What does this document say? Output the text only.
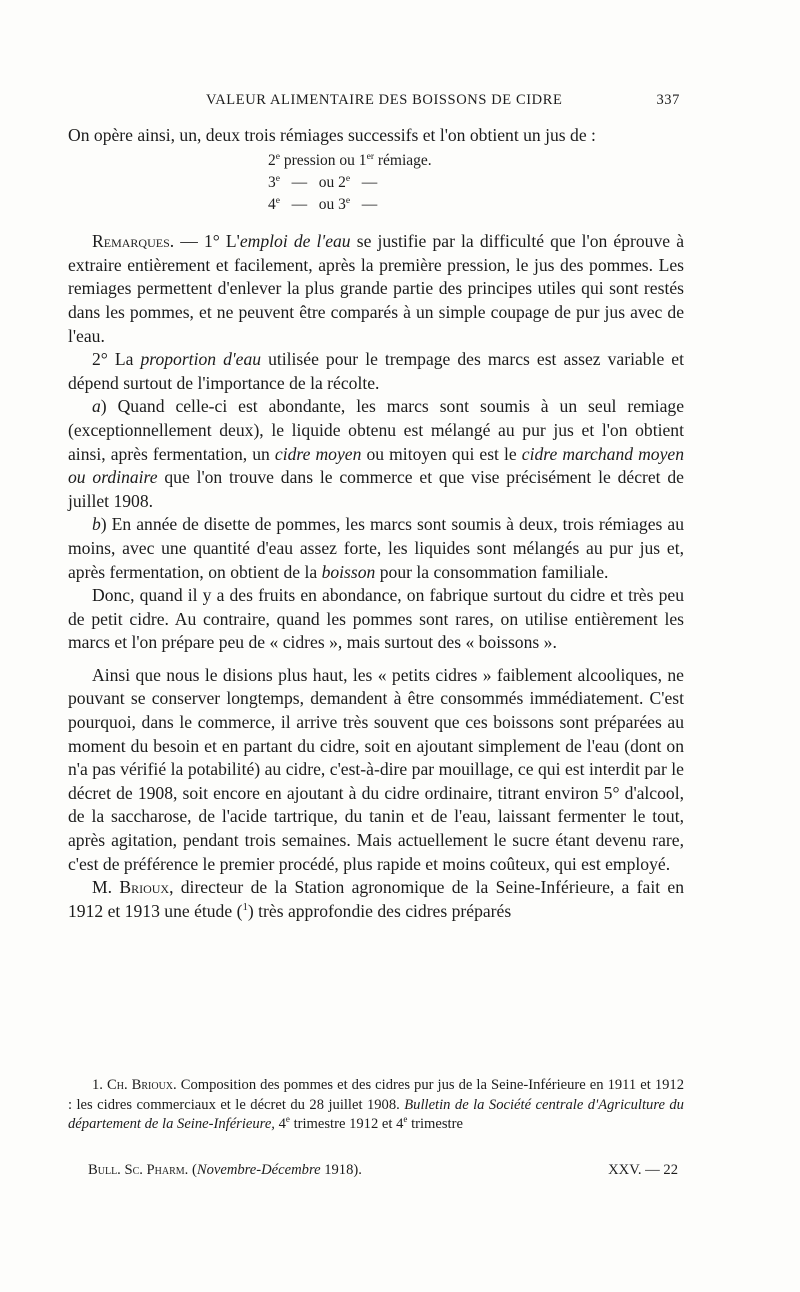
VALEUR ALIMENTAIRE DES BOISSONS DE CIDRE	337

On opère ainsi, un, deux trois rémiages successifs et l'on obtient un jus de :

2e pression ou 1er rémiage.
3e   —   ou 2e   —
4e   —   ou 3e   —

Remarques. — 1° L'emploi de l'eau se justifie par la difficulté que l'on éprouve à extraire entièrement et facilement, après la première pression, le jus des pommes. Les remiages permettent d'enlever la plus grande partie des principes utiles qui sont restés dans les pommes, et ne peuvent être comparés à un simple coupage de pur jus avec de l'eau.

2° La proportion d'eau utilisée pour le trempage des marcs est assez variable et dépend surtout de l'importance de la récolte.

a) Quand celle-ci est abondante, les marcs sont soumis à un seul remiage (exceptionnellement deux), le liquide obtenu est mélangé au pur jus et l'on obtient ainsi, après fermentation, un cidre moyen ou mitoyen qui est le cidre marchand moyen ou ordinaire que l'on trouve dans le commerce et que vise précisément le décret de juillet 1908.

b) En année de disette de pommes, les marcs sont soumis à deux, trois rémiages au moins, avec une quantité d'eau assez forte, les liquides sont mélangés au pur jus et, après fermentation, on obtient de la boisson pour la consommation familiale.

Donc, quand il y a des fruits en abondance, on fabrique surtout du cidre et très peu de petit cidre. Au contraire, quand les pommes sont rares, on utilise entièrement les marcs et l'on prépare peu de « cidres », mais surtout des « boissons ».

Ainsi que nous le disions plus haut, les « petits cidres » faiblement alcooliques, ne pouvant se conserver longtemps, demandent à être consommés immédiatement. C'est pourquoi, dans le commerce, il arrive très souvent que ces boissons sont préparées au moment du besoin et en partant du cidre, soit en ajoutant simplement de l'eau (dont on n'a pas vérifié la potabilité) au cidre, c'est-à-dire par mouillage, ce qui est interdit par le décret de 1908, soit encore en ajoutant à du cidre ordinaire, titrant environ 5° d'alcool, de la saccharose, de l'acide tartrique, du tanin et de l'eau, laissant fermenter le tout, après agitation, pendant trois semaines. Mais actuellement le sucre étant devenu rare, c'est de préférence le premier procédé, plus rapide et moins coûteux, qui est employé.

M. Brioux, directeur de la Station agronomique de la Seine-Inférieure, a fait en 1912 et 1913 une étude ($^1$) très approfondie des cidres préparés

1. Ch. Brioux. Composition des pommes et des cidres pur jus de la Seine-Inférieure en 1911 et 1912 : les cidres commerciaux et le décret du 28 juillet 1908. Bulletin de la Société centrale d'Agriculture du département de la Seine-Inférieure, 4e trimestre 1912 et 4e trimestre

Bull. Sc. Pharm. (Novembre-Décembre 1918).	XXV. — 22
